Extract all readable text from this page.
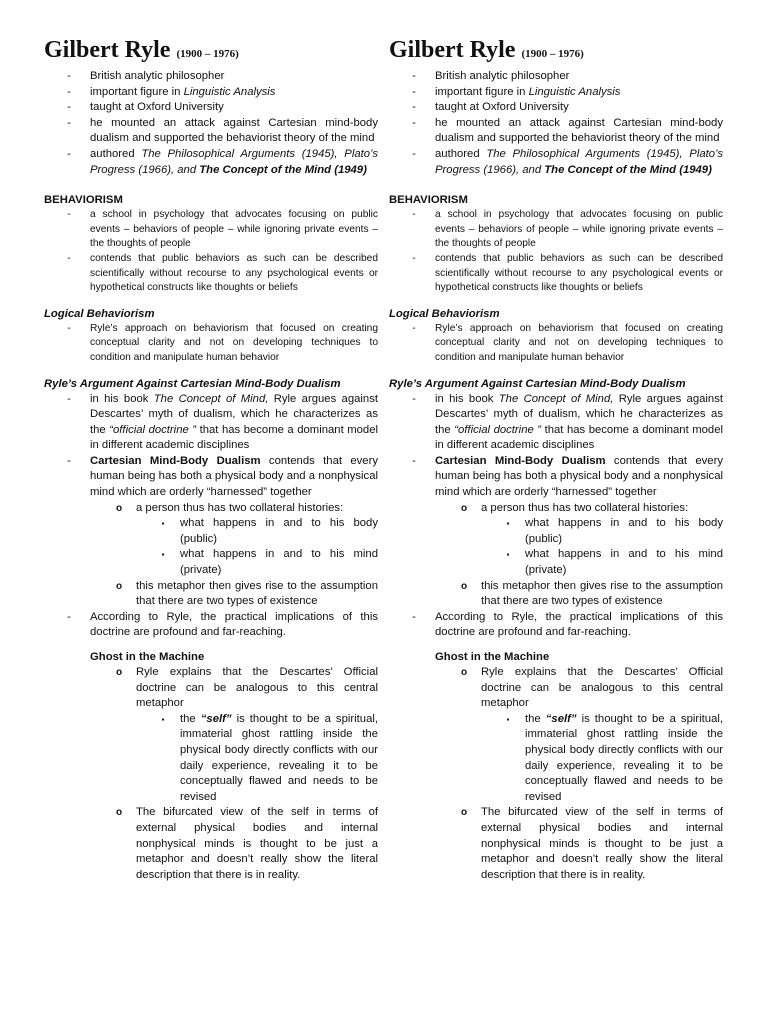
Gilbert Ryle (1900 – 1976)
- British analytic philosopher
- important figure in Linguistic Analysis
- taught at Oxford University
- he mounted an attack against Cartesian mind-body dualism and supported the behaviorist theory of the mind
- authored The Philosophical Arguments (1945), Plato’s Progress (1966), and The Concept of the Mind (1949)

BEHAVIORISM

-	a school in psychology that advocates focusing on public events – behaviors of people – while ignoring private events – the thoughts of people
-	contends that public behaviors as such can be described scientifically without recourse to any psychological events or hypothetical constructs like thoughts or beliefs

Logical Behaviorism

-	Ryle’s approach on behaviorism that focused on creating conceptual clarity and not on developing techniques to condition and manipulate human behavior

Ryle’s Argument Against Cartesian Mind-Body Dualism

- in his book The Concept of Mind, Ryle argues against Descartes’ myth of dualism, which he characterizes as the “official doctrine ” that has become a dominant model in different academic disciplines
- Cartesian Mind-Body Dualism contends that every human being has both a physical body and a nonphysical mind which are orderly “harnessed” together
o a person thus has two collateral histories:
▪	what happens in and to his body (public)
▪	what happens in and to his mind (private)
o this metaphor then gives rise to the assumption that there are two types of existence
- According to Ryle, the practical implications of this doctrine are profound and far-reaching.

Ghost in the Machine

o Ryle explains that the Descartes’ Official doctrine can be analogous to this central metaphor
▪	the “self” is thought to be a spiritual, immaterial ghost rattling inside the physical body directly conflicts with our daily experience, revealing it to be conceptually flawed and needs to be revised
o The bifurcated view of the self in terms of external physical bodies and internal nonphysical minds is thought to be just a metaphor and doesn’t really show the literal description that there is in reality.
Gilbert Ryle (1900 – 1976)
- British analytic philosopher
- important figure in Linguistic Analysis
- taught at Oxford University
- he mounted an attack against Cartesian mind-body dualism and supported the behaviorist theory of the mind
- authored The Philosophical Arguments (1945), Plato’s Progress (1966), and The Concept of the Mind (1949)

BEHAVIORISM

-	a school in psychology that advocates focusing on public events – behaviors of people – while ignoring private events – the thoughts of people
-	contends that public behaviors as such can be described scientifically without recourse to any psychological events or hypothetical constructs like thoughts or beliefs

Logical Behaviorism

-	Ryle’s approach on behaviorism that focused on creating conceptual clarity and not on developing techniques to condition and manipulate human behavior

Ryle’s Argument Against Cartesian Mind-Body Dualism

- in his book The Concept of Mind, Ryle argues against Descartes’ myth of dualism, which he characterizes as the “official doctrine ” that has become a dominant model in different academic disciplines
- Cartesian Mind-Body Dualism contends that every human being has both a physical body and a nonphysical mind which are orderly “harnessed” together
o a person thus has two collateral histories:
▪	what happens in and to his body (public)
▪	what happens in and to his mind (private)
o this metaphor then gives rise to the assumption that there are two types of existence
- According to Ryle, the practical implications of this doctrine are profound and far-reaching.

Ghost in the Machine

o Ryle explains that the Descartes’ Official doctrine can be analogous to this central metaphor
▪	the “self” is thought to be a spiritual, immaterial ghost rattling inside the physical body directly conflicts with our daily experience, revealing it to be conceptually flawed and needs to be revised
o The bifurcated view of the self in terms of external physical bodies and internal nonphysical minds is thought to be just a metaphor and doesn’t really show the literal description that there is in reality.
